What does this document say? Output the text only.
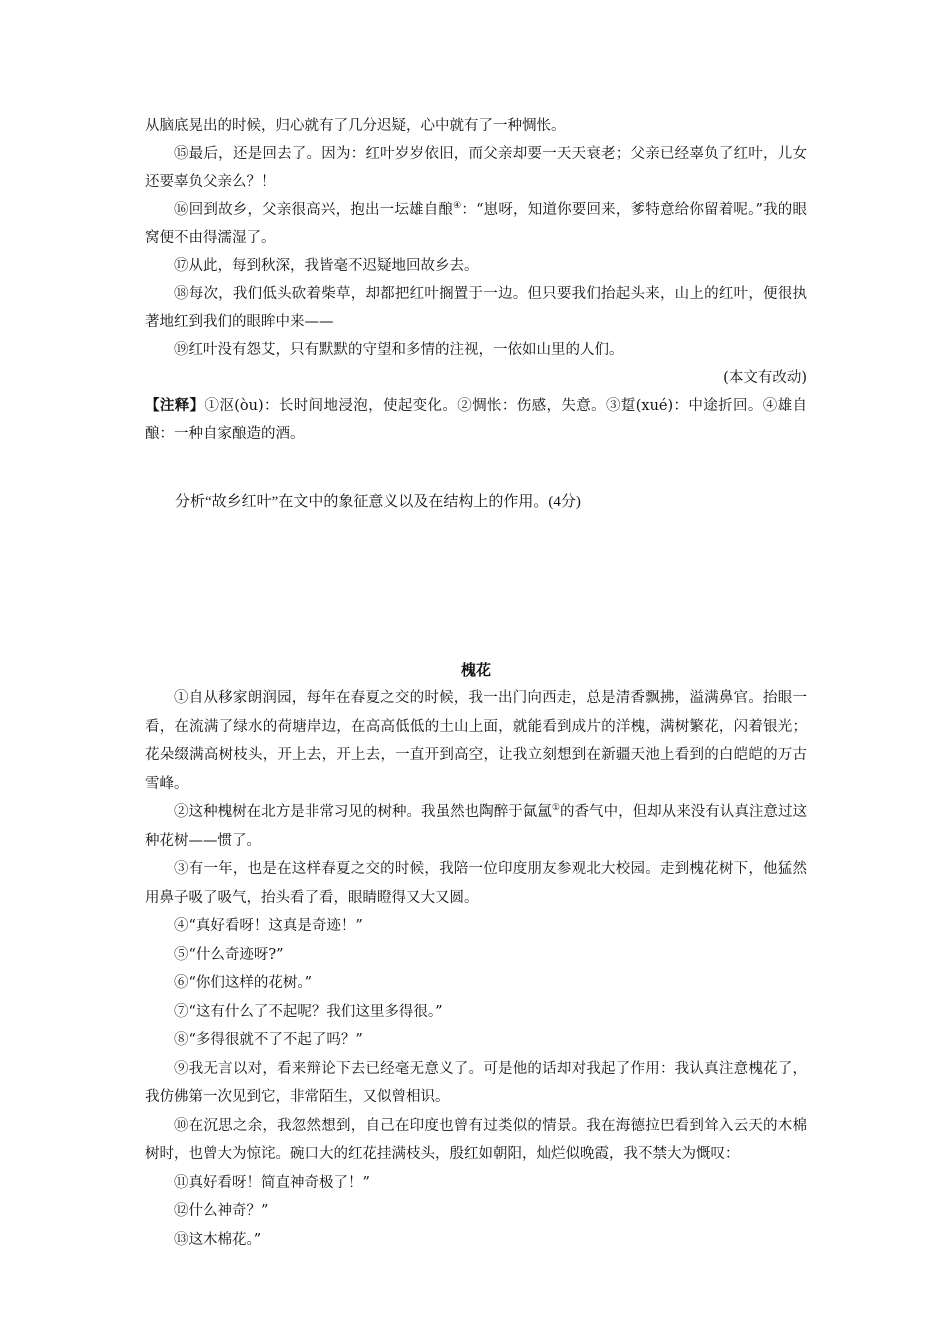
从脑底晃出的时候，归心就有了几分迟疑，心中就有了一种惆怅。

⑮最后，还是回去了。因为：红叶岁岁依旧，而父亲却要一天天衰老；父亲已经辜负了红叶，儿女还要辜负父亲么？！

⑯回到故乡，父亲很高兴，抱出一坛雄自酿④：“崽呀，知道你要回来，爹特意给你留着呢。”我的眼窝便不由得濡湿了。

⑰从此，每到秋深，我皆毫不迟疑地回故乡去。

⑱每次，我们低头砍着柴草，却都把红叶搁置于一边。但只要我们抬起头来，山上的红叶，便很执著地红到我们的眼眸中来——

⑲红叶没有怨艾，只有默默的守望和多情的注视，一依如山里的人们。

(本文有改动)

【注释】①沤(òu)：长时间地浸泡，使起变化。②惆怅：伤感，失意。③踅(xué)：中途折回。④雄自酿：一种自家酿造的酒。

分析“故乡红叶”在文中的象征意义以及在结构上的作用。(4分)

槐花

①自从移家朗润园，每年在春夏之交的时候，我一出门向西走，总是清香飘拂，溢满鼻官。抬眼一看，在流满了绿水的荷塘岸边，在高高低低的土山上面，就能看到成片的洋槐，满树繁花，闪着银光；花朵缀满高树枝头，开上去，开上去，一直开到高空，让我立刻想到在新疆天池上看到的白皑皑的万古雪峰。

②这种槐树在北方是非常习见的树种。我虽然也陶醉于氤氲①的香气中，但却从来没有认真注意过这种花树——惯了。

③有一年，也是在这样春夏之交的时候，我陪一位印度朋友参观北大校园。走到槐花树下，他猛然用鼻子吸了吸气，抬头看了看，眼睛瞪得又大又圆。

④“真好看呀！这真是奇迹！”

⑤“什么奇迹呀?”

⑥“你们这样的花树。”

⑦“这有什么了不起呢？我们这里多得很。”

⑧“多得很就不了不起了吗？”

⑨我无言以对，看来辩论下去已经毫无意义了。可是他的话却对我起了作用：我认真注意槐花了，我仿佛第一次见到它，非常陌生，又似曾相识。

⑩在沉思之余，我忽然想到，自己在印度也曾有过类似的情景。我在海德拉巴看到耸入云天的木棉树时，也曾大为惊诧。碗口大的红花挂满枝头，殷红如朝阳，灿烂似晚霞，我不禁大为慨叹：

⑪真好看呀！简直神奇极了！”

⑫什么神奇？”

⑬这木棉花。”
